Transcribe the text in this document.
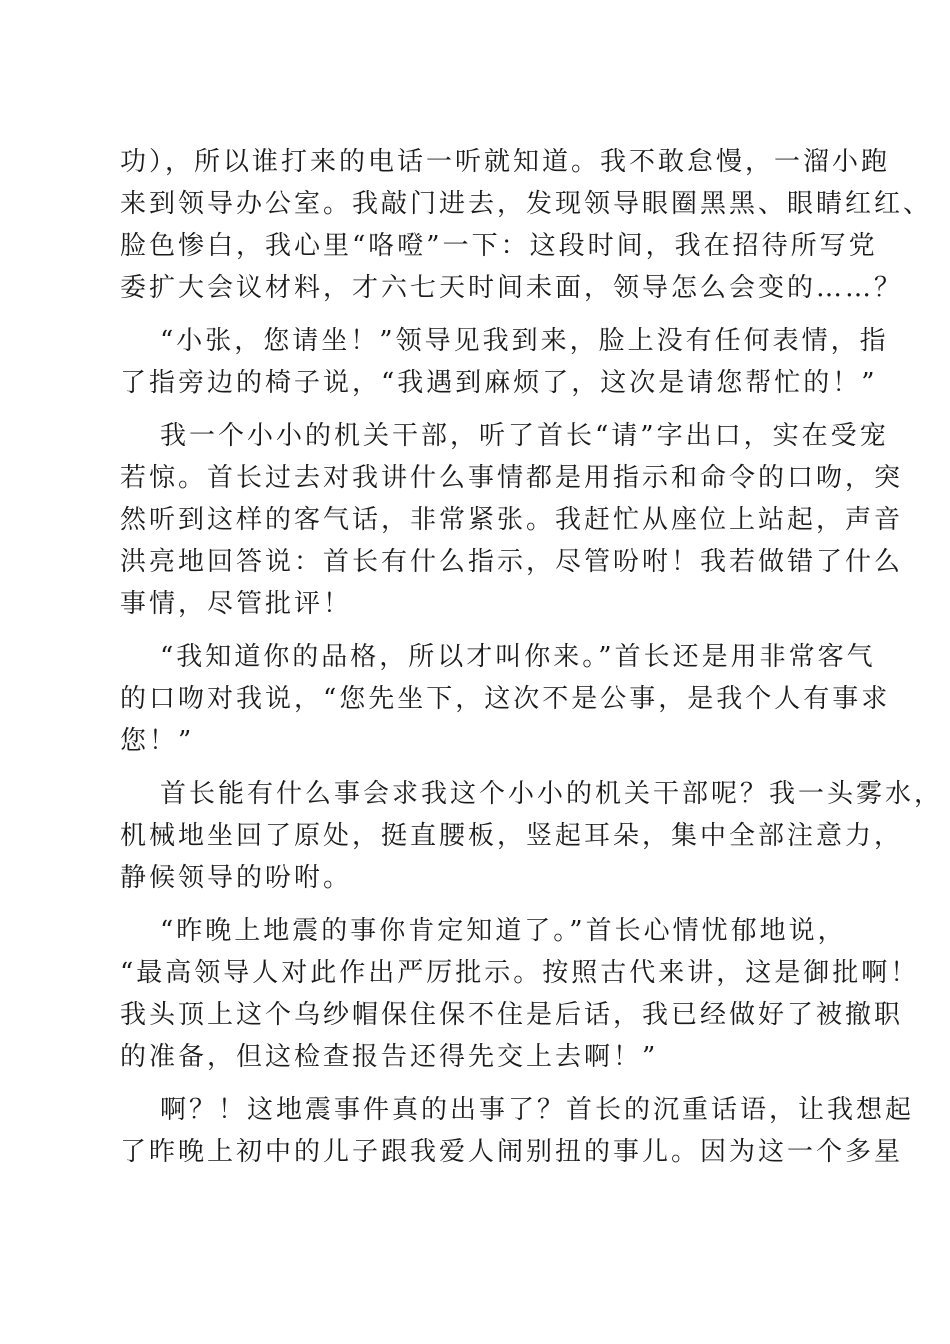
功），所以谁打来的电话一听就知道。我不敢怠慢，一溜小跑
来到领导办公室。我敲门进去，发现领导眼圈黑黑、眼睛红红、
脸色惨白，我心里“咯噔”一下：这段时间，我在招待所写党
委扩大会议材料，才六七天时间未面，领导怎么会变的……？
“小张，您请坐！”领导见我到来，脸上没有任何表情，指
了指旁边的椅子说，“我遇到麻烦了，这次是请您帮忙的！”
我一个小小的机关干部，听了首长“请”字出口，实在受宠
若惊。首长过去对我讲什么事情都是用指示和命令的口吻，突
然听到这样的客气话，非常紧张。我赶忙从座位上站起，声音
洪亮地回答说：首长有什么指示，尽管吩咐！我若做错了什么
事情，尽管批评！
“我知道你的品格，所以才叫你来。”首长还是用非常客气
的口吻对我说，“您先坐下，这次不是公事，是我个人有事求
您！”
首长能有什么事会求我这个小小的机关干部呢？我一头雾水，
机械地坐回了原处，挺直腰板，竖起耳朵，集中全部注意力，
静候领导的吩咐。
“昨晚上地震的事你肯定知道了。”首长心情忧郁地说，
“最高领导人对此作出严厉批示。按照古代来讲，这是御批啊！
我头顶上这个乌纱帽保住保不住是后话，我已经做好了被撤职
的准备，但这检查报告还得先交上去啊！”
啊？！这地震事件真的出事了？首长的沉重话语，让我想起
了昨晚上初中的儿子跟我爱人闹别扭的事儿。因为这一个多星
